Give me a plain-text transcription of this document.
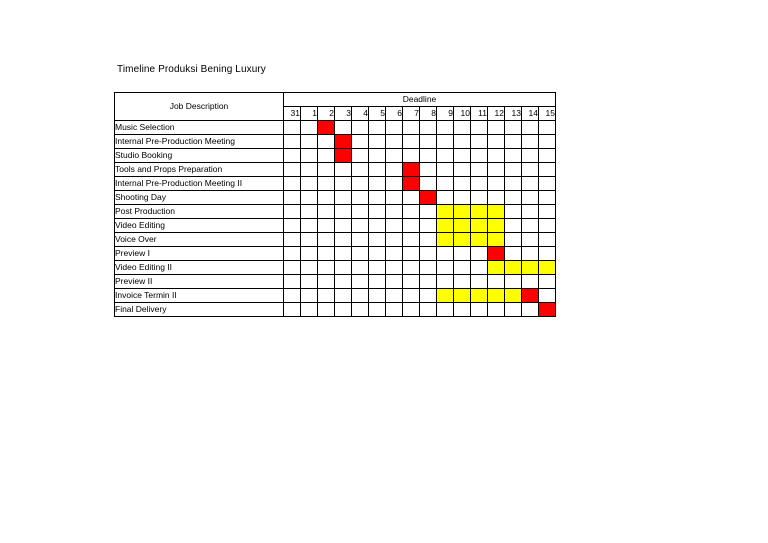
Timeline Produksi Bening Luxury
Job Description	Deadline															
	31	1	2	3	4	5	6	7	8	9	10	11	12	13	14	15
Music Selection																
Internal Pre-Production Meeting																
Studio Booking																
Tools and Props Preparation																
Internal Pre-Production Meeting II																
Shooting Day																
Post Production																
Video Editing																
Voice Over																
Preview I																
Video Editing II																
Preview II																
Invoice Termin II																
Final Delivery																
